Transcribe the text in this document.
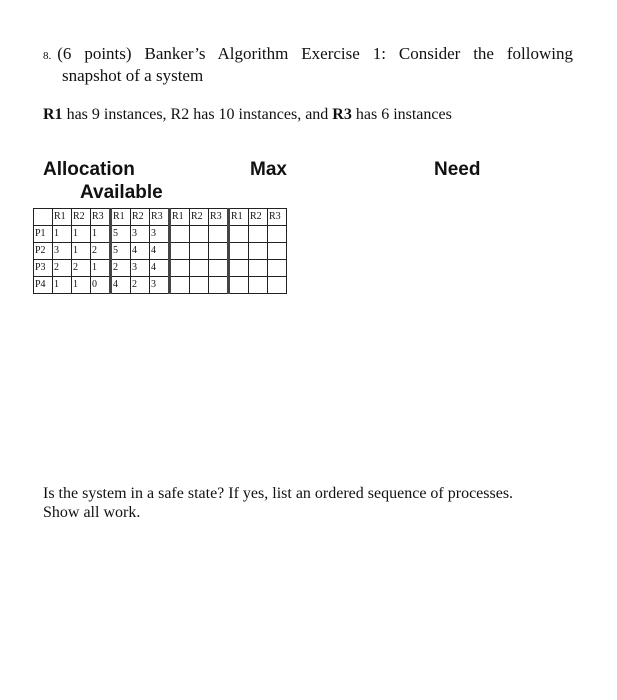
8. (6 points) Banker’s Algorithm Exercise 1: Consider the following
snapshot of a system
R1 has 9 instances, R2 has 10 instances, and R3 has 6 instances
Allocation	Max	Need
Available
	R1	R2	R3	R1	R2	R3	R1	R2	R3	R1	R2	R3
P1	1	1	1	5	3	3						
P2	3	1	2	5	4	4						
P3	2	2	1	2	3	4						
P4	1	1	0	4	2	3						
Is the system in a safe state? If yes, list an ordered sequence of processes.
Show all work.
